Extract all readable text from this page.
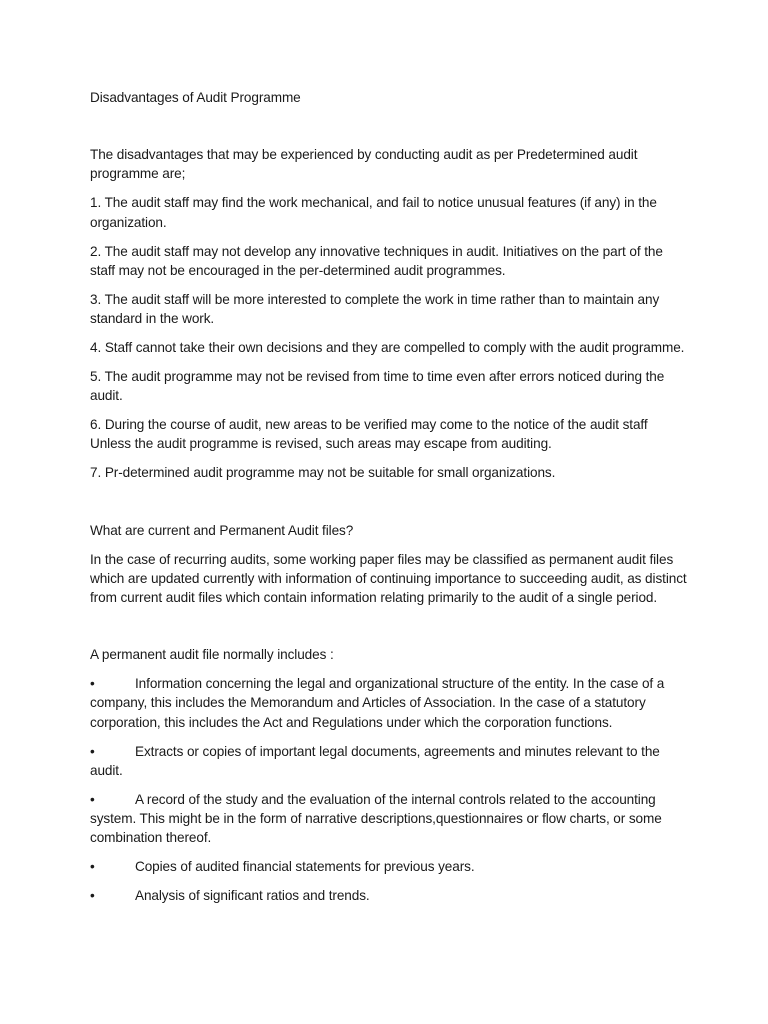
Disadvantages of Audit Programme

The disadvantages that may be experienced by conducting audit as per Predetermined audit programme are;

1. The audit staff may find the work mechanical, and fail to notice unusual features (if any) in the organization.

2. The audit staff may not develop any innovative techniques in audit. Initiatives on the part of the staff may not be encouraged in the per-determined audit programmes.

3. The audit staff will be more interested to complete the work in time rather than to maintain any standard in the work.

4. Staff cannot take their own decisions and they are compelled to comply with the audit programme.

5. The audit programme may not be revised from time to time even after errors noticed during the audit.

6. During the course of audit, new areas to be verified may come to the notice of the audit staff Unless the audit programme is revised, such areas may escape from auditing.

7. Pr-determined audit programme may not be suitable for small organizations.

What are current and Permanent Audit files?

In the case of recurring audits, some working paper files may be classified as permanent audit files which are updated currently with information of continuing importance to succeeding audit, as distinct from current audit files which contain information relating primarily to the audit of a single period.

A permanent audit file normally includes :

•	Information concerning the legal and organizational structure of the entity. In the case of a company, this includes the Memorandum and Articles of Association. In the case of a statutory corporation, this includes the Act and Regulations under which the corporation functions.

•	Extracts or copies of important legal documents, agreements and minutes relevant to the audit.

•	A record of the study and the evaluation of the internal controls related to the accounting system. This might be in the form of narrative descriptions,questionnaires or flow charts, or some combination thereof.

•	Copies of audited financial statements for previous years.

•	Analysis of significant ratios and trends.
